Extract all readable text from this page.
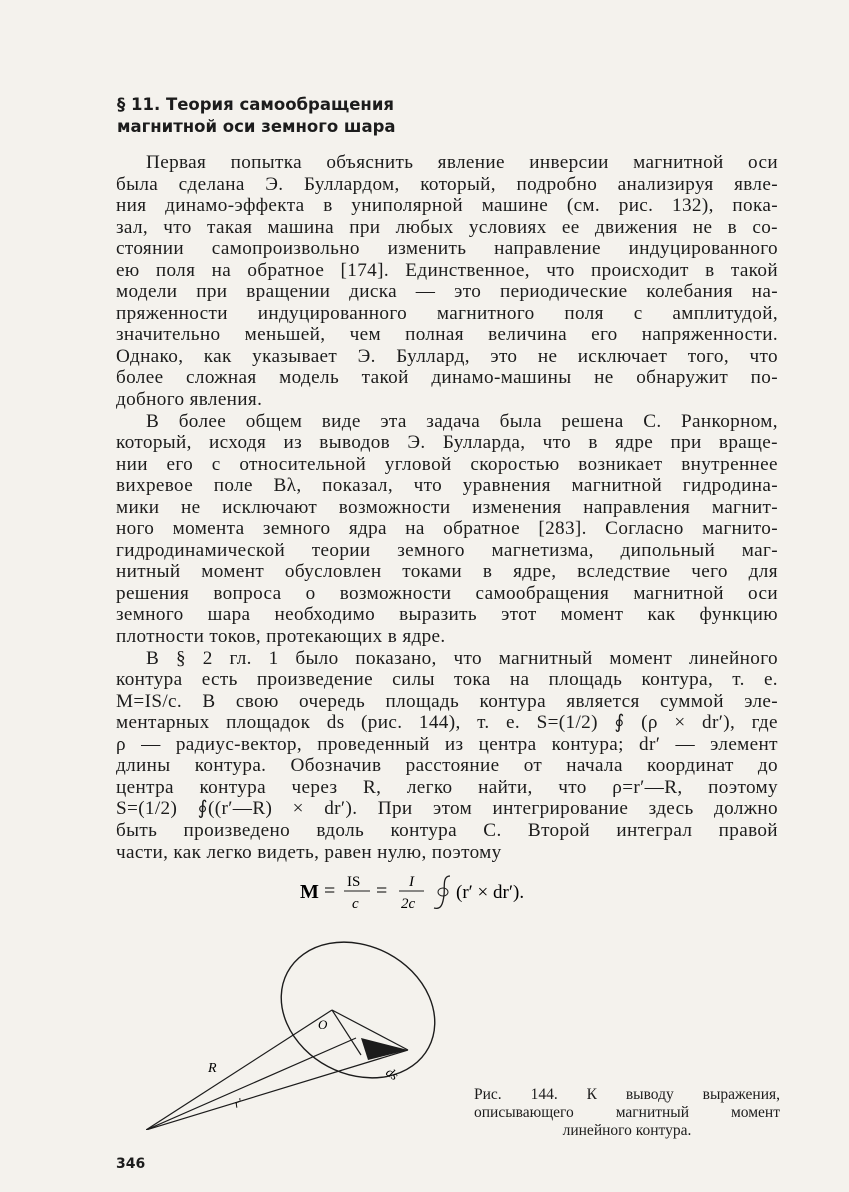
§ 11. Теория самообращения
магнитной оси земного шара
Первая попытка объяснить явление инверсии магнитной оси
была сделана Э. Буллардом, который, подробно анализируя явле-
ния динамо-эффекта в униполярной машине (см. рис. 132), пока-
зал, что такая машина при любых условиях ее движения не в со-
стоянии самопроизвольно изменить направление индуцированного
ею поля на обратное [174]. Единственное, что происходит в такой
модели при вращении диска — это периодические колебания на-
пряженности индуцированного магнитного поля с амплитудой,
значительно меньшей, чем полная величина его напряженности.
Однако, как указывает Э. Буллард, это не исключает того, что
более сложная модель такой динамо-машины не обнаружит по-
добного явления.
В более общем виде эта задача была решена С. Ранкорном,
который, исходя из выводов Э. Булларда, что в ядре при враще-
нии его с относительной угловой скоростью возникает внутреннее
вихревое поле Bλ, показал, что уравнения магнитной гидродина-
мики не исключают возможности изменения направления магнит-
ного момента земного ядра на обратное [283]. Согласно магнито-
гидродинамической теории земного магнетизма, дипольный маг-
нитный момент обусловлен токами в ядре, вследствие чего для
решения вопроса о возможности самообращения магнитной оси
земного шара необходимо выразить этот момент как функцию
плотности токов, протекающих в ядре.
В § 2 гл. 1 было показано, что магнитный момент линейного
контура есть произведение силы тока на площадь контура, т. е.
M=IS/c. В свою очередь площадь контура является суммой эле-
ментарных площадок ds (рис. 144), т. е. S=(1/2) ∮ (ρ × dr′), где
ρ — радиус-вектор, проведенный из центра контура; dr′ — элемент
длины контура. Обозначив расстояние от начала координат до
центра контура через R, легко найти, что ρ=r′—R, поэтому
S=(1/2) ∮((r′—R) × dr′). При этом интегрирование здесь должно
быть произведено вдоль контура C. Второй интеграл правой
части, как легко видеть, равен нулю, поэтому
M = IS
c
= I
2c
(r′ × dr′).
O
R
r′
ds
Рис. 144. К выводу выражения,
описывающего	магнитный	момент
линейного контура.
346
